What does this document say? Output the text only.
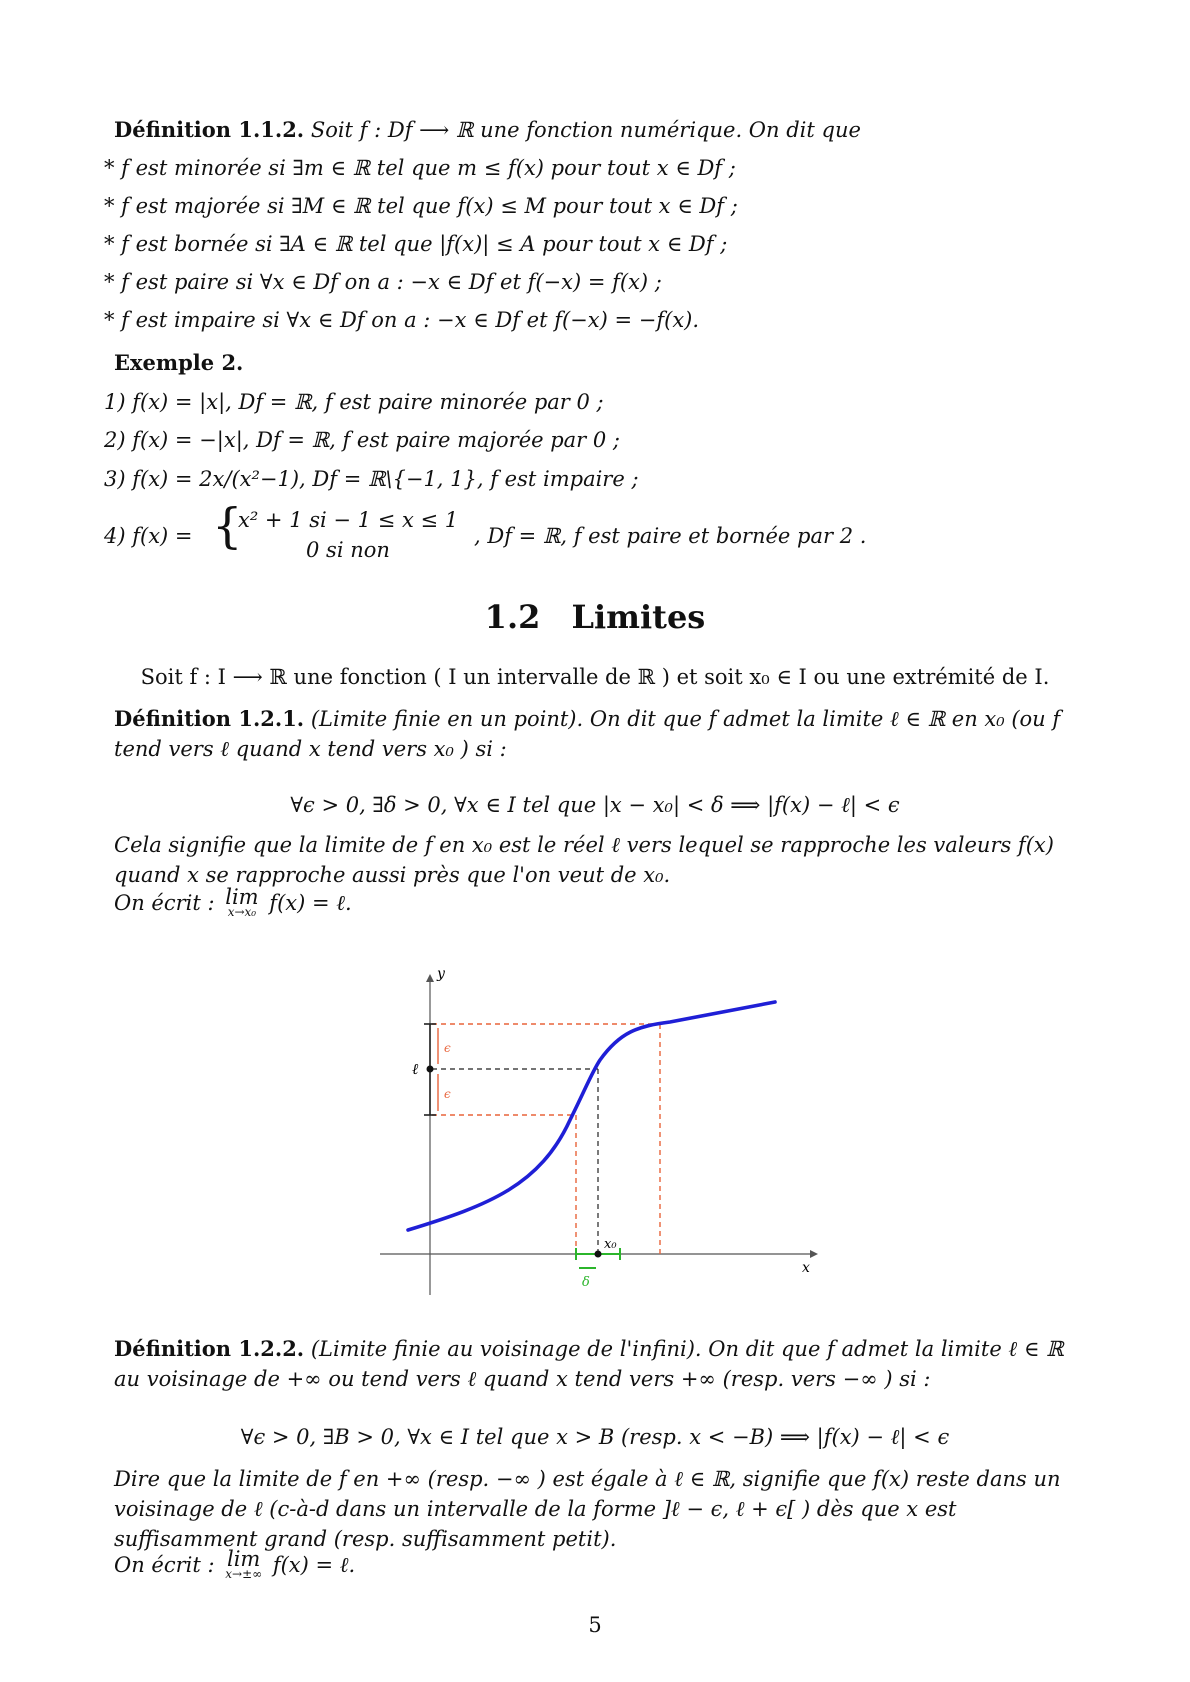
Définition 1.1.2. Soit f : Df ⟶ ℝ une fonction numérique. On dit que
* f est minorée si ∃m ∈ ℝ tel que m ≤ f(x) pour tout x ∈ Df ;
* f est majorée si ∃M ∈ ℝ tel que f(x) ≤ M pour tout x ∈ Df ;
* f est bornée si ∃A ∈ ℝ tel que |f(x)| ≤ A pour tout x ∈ Df ;
* f est paire si ∀x ∈ Df on a : −x ∈ Df et f(−x) = f(x) ;
* f est impaire si ∀x ∈ Df on a : −x ∈ Df et f(−x) = −f(x).
Exemple 2.
1) f(x) = |x|, Df = ℝ, f est paire minorée par 0 ;
2) f(x) = −|x|, Df = ℝ, f est paire majorée par 0 ;
3) f(x) = 2x/(x²−1), Df = ℝ\{−1, 1}, f est impaire ;
4) f(x) = {
x² + 1 si − 1 ≤ x ≤ 1
0 si non
, Df = ℝ, f est paire et bornée par 2 .
1.2 Limites
Soit f : I ⟶ ℝ une fonction ( I un intervalle de ℝ ) et soit x₀ ∈ I ou une extrémité de I.
Définition 1.2.1. (Limite finie en un point). On dit que f admet la limite ℓ ∈ ℝ en x₀ (ou f tend vers ℓ quand x tend vers x₀ ) si :
∀ϵ > 0, ∃δ > 0, ∀x ∈ I tel que |x − x₀| < δ ⟹ |f(x) − ℓ| < ϵ
Cela signifie que la limite de f en x₀ est le réel ℓ vers lequel se rapproche les valeurs f(x) quand x se rapproche aussi près que l'on veut de x₀.
On écrit : lim
x→x₀ f(x) = ℓ.
y
x
ℓ
ϵ
ϵ
x₀
δ
Définition 1.2.2. (Limite finie au voisinage de l'infini). On dit que f admet la limite ℓ ∈ ℝ au voisinage de +∞ ou tend vers ℓ quand x tend vers +∞ (resp. vers −∞ ) si :
∀ϵ > 0, ∃B > 0, ∀x ∈ I tel que x > B (resp. x < −B) ⟹ |f(x) − ℓ| < ϵ
Dire que la limite de f en +∞ (resp. −∞ ) est égale à ℓ ∈ ℝ, signifie que f(x) reste dans un voisinage de ℓ (c-à-d dans un intervalle de la forme ]ℓ − ϵ, ℓ + ϵ[ ) dès que x est suffisamment grand (resp. suffisamment petit).
On écrit : lim
x→±∞ f(x) = ℓ.
5
